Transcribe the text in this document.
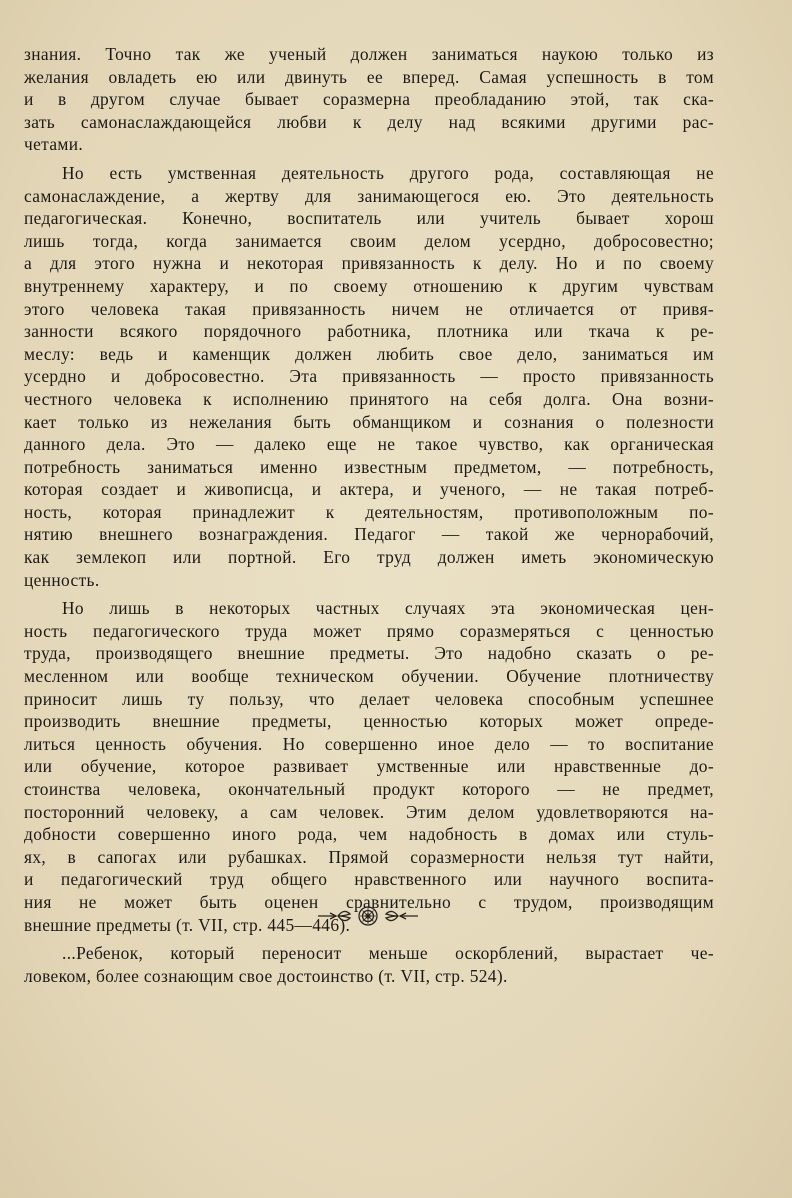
знания. Точно так же ученый должен заниматься наукою только из
желания овладеть ею или двинуть ее вперед. Самая успешность в том
и в другом случае бывает соразмерна преобладанию этой, так ска-
зать самонаслаждающейся любви к делу над всякими другими рас-
четами.
Но есть умственная деятельность другого рода, составляющая не
самонаслаждение, а жертву для занимающегося ею. Это деятельность
педагогическая. Конечно, воспитатель или учитель бывает хорош
лишь тогда, когда занимается своим делом усердно, добросовестно;
а для этого нужна и некоторая привязанность к делу. Но и по своему
внутреннему характеру, и по своему отношению к другим чувствам
этого человека такая привязанность ничем не отличается от привя-
занности всякого порядочного работника, плотника или ткача к ре-
меслу: ведь и каменщик должен любить свое дело, заниматься им
усердно и добросовестно. Эта привязанность — просто привязанность
честного человека к исполнению принятого на себя долга. Она возни-
кает только из нежелания быть обманщиком и сознания о полезности
данного дела. Это — далеко еще не такое чувство, как органическая
потребность заниматься именно известным предметом, — потребность,
которая создает и живописца, и актера, и ученого, — не такая потреб-
ность, которая принадлежит к деятельностям, противоположным по-
нятию внешнего вознаграждения. Педагог — такой же чернорабочий,
как землекоп или портной. Его труд должен иметь экономическую
ценность.
Но лишь в некоторых частных случаях эта экономическая цен-
ность педагогического труда может прямо соразмеряться с ценностью
труда, производящего внешние предметы. Это надобно сказать о ре-
месленном или вообще техническом обучении. Обучение плотничеству
приносит лишь ту пользу, что делает человека способным успешнее
производить внешние предметы, ценностью которых может опреде-
литься ценность обучения. Но совершенно иное дело — то воспитание
или обучение, которое развивает умственные или нравственные до-
стоинства человека, окончательный продукт которого — не предмет,
посторонний человеку, а сам человек. Этим делом удовлетворяются на-
добности совершенно иного рода, чем надобность в домах или стуль-
ях, в сапогах или рубашках. Прямой соразмерности нельзя тут найти,
и педагогический труд общего нравственного или научного воспита-
ния не может быть оценен сравнительно с трудом, производящим
внешние предметы (т. VII, стр. 445—446).
...Ребенок, который переносит меньше оскорблений, вырастает че-
ловеком, более сознающим свое достоинство (т. VII, стр. 524).
